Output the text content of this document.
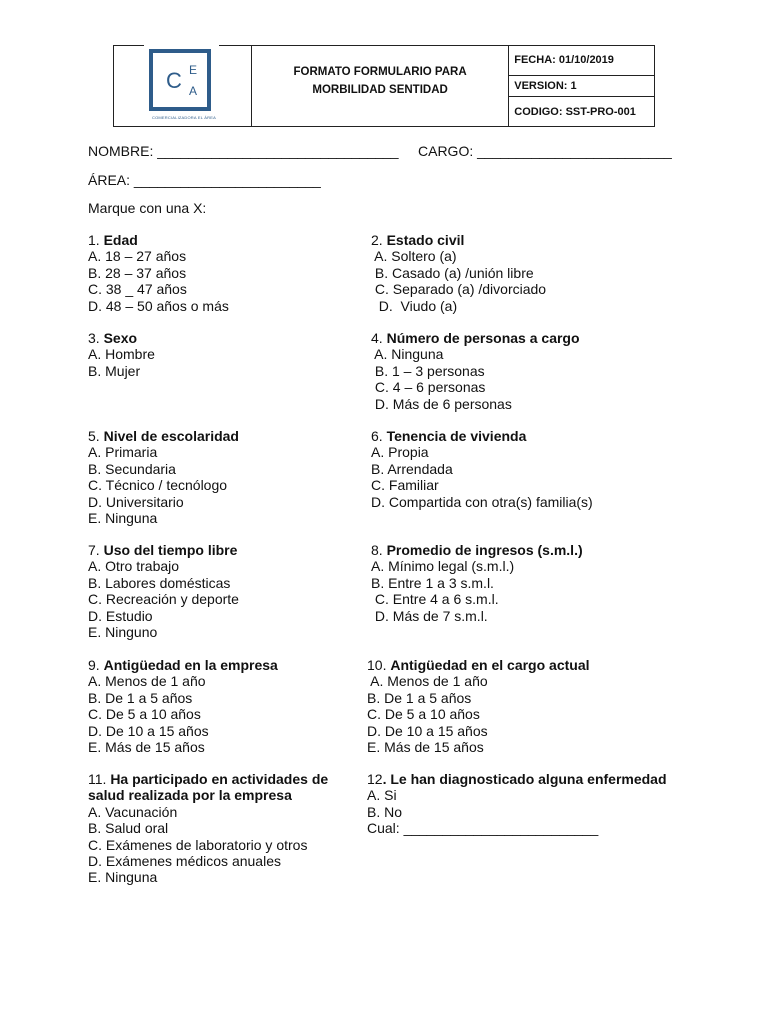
C E
A
COMERCIALIZADORA EL ÁREA

FORMATO FORMULARIO PARA
MORBILIDAD SENTIDAD
	FECHA: 01/10/2019
VERSION: 1
CODIGO: SST-PRO-001
NOMBRE: _______________________________ CARGO: _________________________
ÁREA: ________________________
Marque con una X:
1. Edad
A. 18 – 27 años
B. 28 – 37 años
C. 38 _ 47 años
D. 48 – 50 años o más
2. Estado civil
A. Soltero (a)
B. Casado (a) /unión libre
C. Separado (a) /divorciado
D.  Viudo (a)
3. Sexo
A. Hombre
B. Mujer
4. Número de personas a cargo
A. Ninguna
B. 1 – 3 personas
C. 4 – 6 personas
D. Más de 6 personas
5. Nivel de escolaridad
A. Primaria
B. Secundaria
C. Técnico / tecnólogo
D. Universitario
E. Ninguna
6. Tenencia de vivienda
A. Propia
B. Arrendada
C. Familiar
D. Compartida con otra(s) familia(s)
7. Uso del tiempo libre
A. Otro trabajo
B. Labores domésticas
C. Recreación y deporte
D. Estudio
E. Ninguno
8. Promedio de ingresos (s.m.l.)
A. Mínimo legal (s.m.l.)
B. Entre 1 a 3 s.m.l.
C. Entre 4 a 6 s.m.l.
D. Más de 7 s.m.l.
9. Antigüedad en la empresa
A. Menos de 1 año
B. De 1 a 5 años
C. De 5 a 10 años
D. De 10 a 15 años
E. Más de 15 años
10. Antigüedad en el cargo actual
A. Menos de 1 año
B. De 1 a 5 años
C. De 5 a 10 años
D. De 10 a 15 años
E. Más de 15 años
11. Ha participado en actividades de salud realizada por la empresa
A. Vacunación
B. Salud oral
C. Exámenes de laboratorio y otros
D. Exámenes médicos anuales
E. Ninguna
12. Le han diagnosticado alguna enfermedad
A. Si
B. No
Cual: _________________________
